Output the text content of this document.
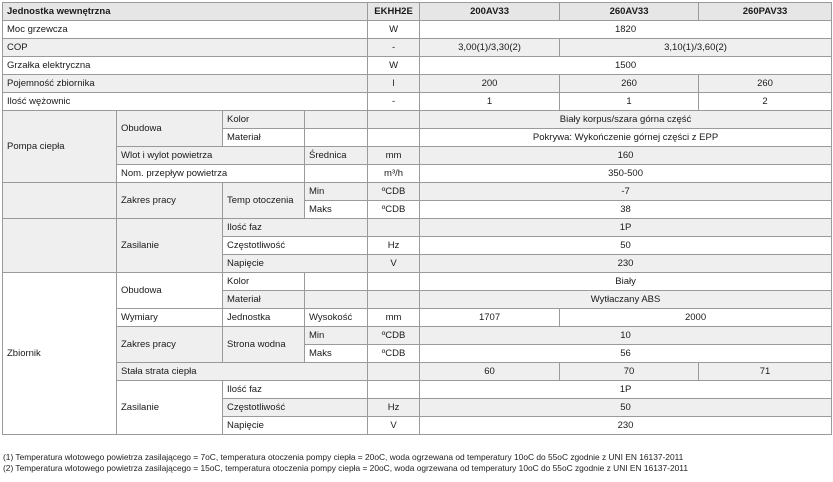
Jednostka wewnętrzna				EKHH2E	200AV33	260AV33	260PAV33
Moc grzewcza				W	1820		
COP				-	3,00(1)/3,30(2)	3,10(1)/3,60(2)	
Grzałka elektryczna				W	1500		
Pojemność zbiornika				l	200	260	260
Ilość wężownic				-	1	1	2
Pompa ciepła	Obudowa	Kolor			Biały korpus/szara górna część		
		Materiał			Pokrywa: Wykończenie górnej części z EPP		
	Wlot i wylot powietrza		Średnica	mm	160		
	Nom. przepływ powietrza			m³/h	350-500		
	Zakres pracy	Temp otoczenia	Min	ºCDB	-7		
			Maks	ºCDB	38		
	Zasilanie	Ilość faz			1P		
		Częstotliwość		Hz	50		
		Napięcie		V	230		
Zbiornik	Obudowa	Kolor			Biały		
		Materiał			Wytłaczany ABS		
	Wymiary	Jednostka	Wysokość	mm	1707	2000	
	Zakres pracy	Strona wodna	Min	ºCDB	10		
			Maks	ºCDB	56		
	Stała strata ciepła				60	70	71
	Zasilanie	Ilość faz			1P		
		Częstotliwość		Hz	50		
		Napięcie		V	230		
(1) Temperatura wlotowego powietrza zasilającego = 7oC, temperatura otoczenia pompy ciepła = 20oC, woda ogrzewana od temperatury 10oC do 55oC zgodnie z UNI EN 16137-2011
(2) Temperatura wlotowego powietrza zasilającego = 15oC, temperatura otoczenia pompy ciepła = 20oC, woda ogrzewana od temperatury 10oC do 55oC zgodnie z UNI EN 16137-2011
